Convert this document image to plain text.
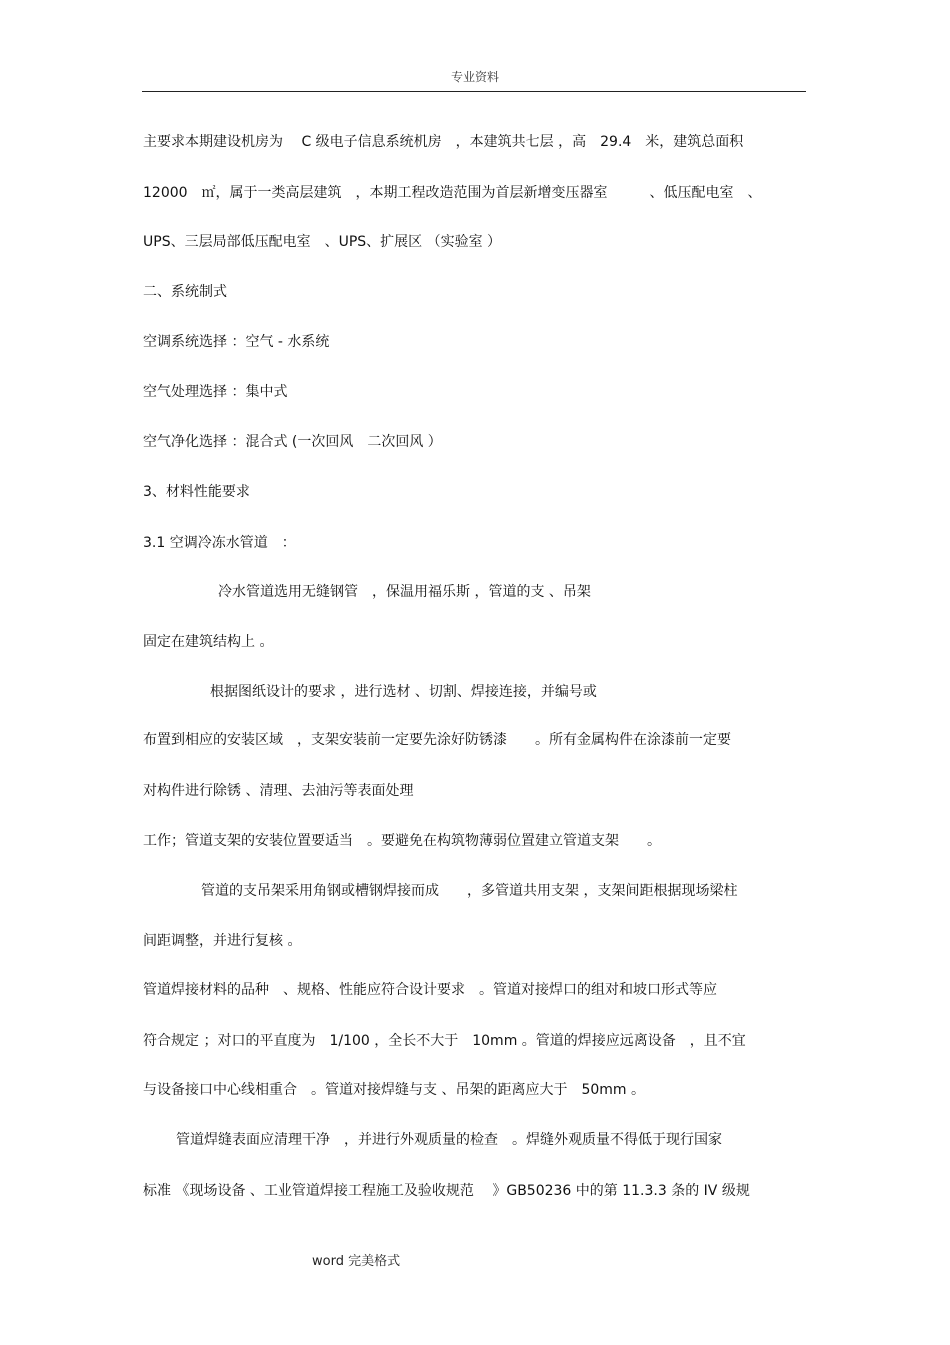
专业资料
主要求本期建设机房为　 C 级电子信息系统机房　，本建筑共七层 ，高　29.4　米，建筑总面积
12000　㎡，属于一类高层建筑　，本期工程改造范围为首层新增变压器室　　　、低压配电室　、
UPS、三层局部低压配电室　、UPS、扩展区 （实验室 ）
二、系统制式
空调系统选择 ：空气 - 水系统
空气处理选择 ：集中式
空气净化选择 ：混合式 (一次回风　二次回风 ）
3、材料性能要求
3.1 空调冷冻水管道　：
冷水管道选用无缝钢管　，保温用福乐斯 ，管道的支 、吊架
固定在建筑结构上 。
根据图纸设计的要求 ，进行选材 、切割、焊接连接，并编号或
布置到相应的安装区域　，支架安装前一定要先涂好防锈漆　　。所有金属构件在涂漆前一定要
对构件进行除锈 、清理、去油污等表面处理
工作；管道支架的安装位置要适当　。要避免在构筑物薄弱位置建立管道支架　　。
管道的支吊架采用角钢或槽钢焊接而成　　，多管道共用支架 ，支架间距根据现场梁柱
间距调整，并进行复核 。
管道焊接材料的品种　、规格、性能应符合设计要求　。管道对接焊口的组对和坡口形式等应
符合规定 ；对口的平直度为　1/100 ，全长不大于　10mm 。管道的焊接应远离设备　，且不宜
与设备接口中心线相重合　。管道对接焊缝与支 、吊架的距离应大于　50mm 。
管道焊缝表面应清理干净　，并进行外观质量的检查　。焊缝外观质量不得低于现行国家
标准 《现场设备 、工业管道焊接工程施工及验收规范　 》GB50236 中的第 11.3.3 条的 IV 级规
word 完美格式
